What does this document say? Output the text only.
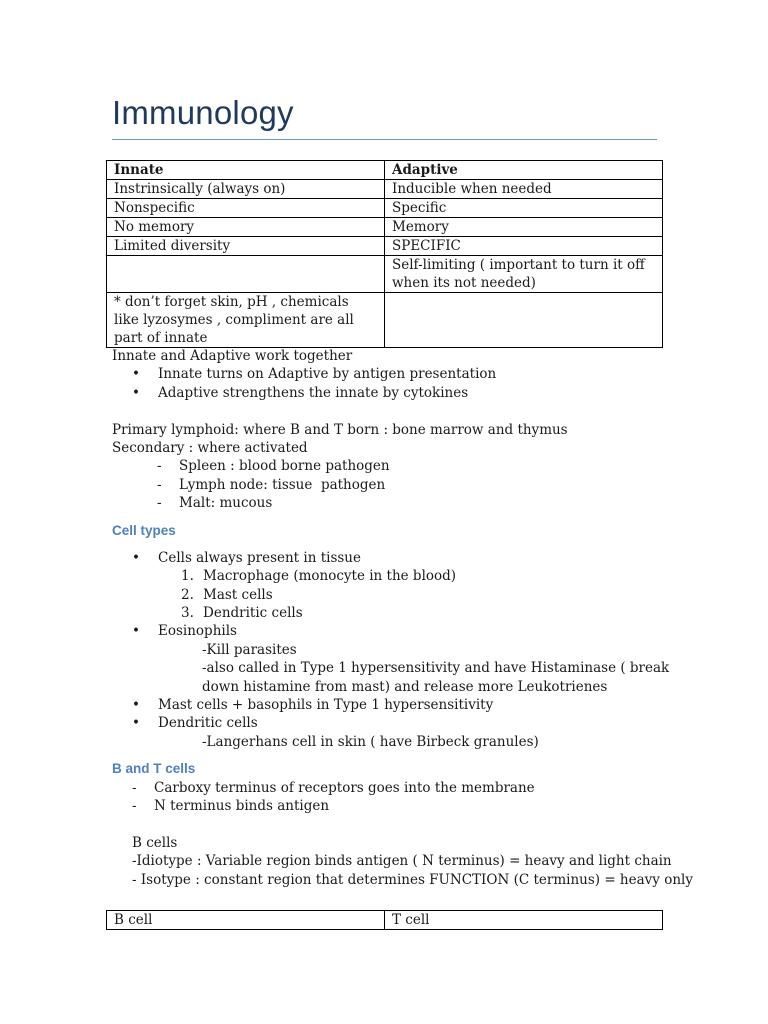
Immunology
Innate	Adaptive
Instrinsically (always on)	Inducible when needed
Nonspecific	Specific
No memory	Memory
Limited diversity	SPECIFIC
	Self-limiting ( important to turn it off when its not needed)
* don’t forget skin, pH , chemicals like lyzosymes , compliment are all part of innate	
Innate and Adaptive work together
• Innate turns on Adaptive by antigen presentation
• Adaptive strengthens the innate by cytokines
Primary lymphoid: where B and T born : bone marrow and thymus
Secondary : where activated
- Spleen : blood borne pathogen
- Lymph node: tissue  pathogen
- Malt: mucous
Cell types
• Cells always present in tissue
1. Macrophage (monocyte in the blood)
2. Mast cells
3. Dendritic cells
• Eosinophils
-Kill parasites
-also called in Type 1 hypersensitivity and have Histaminase ( break
down histamine from mast) and release more Leukotrienes
• Mast cells + basophils in Type 1 hypersensitivity
• Dendritic cells
-Langerhans cell in skin ( have Birbeck granules)
B and T cells
- Carboxy terminus of receptors goes into the membrane
- N terminus binds antigen
B cells
-Idiotype : Variable region binds antigen ( N terminus) = heavy and light chain
- Isotype : constant region that determines FUNCTION (C terminus) = heavy only
B cell	T cell
